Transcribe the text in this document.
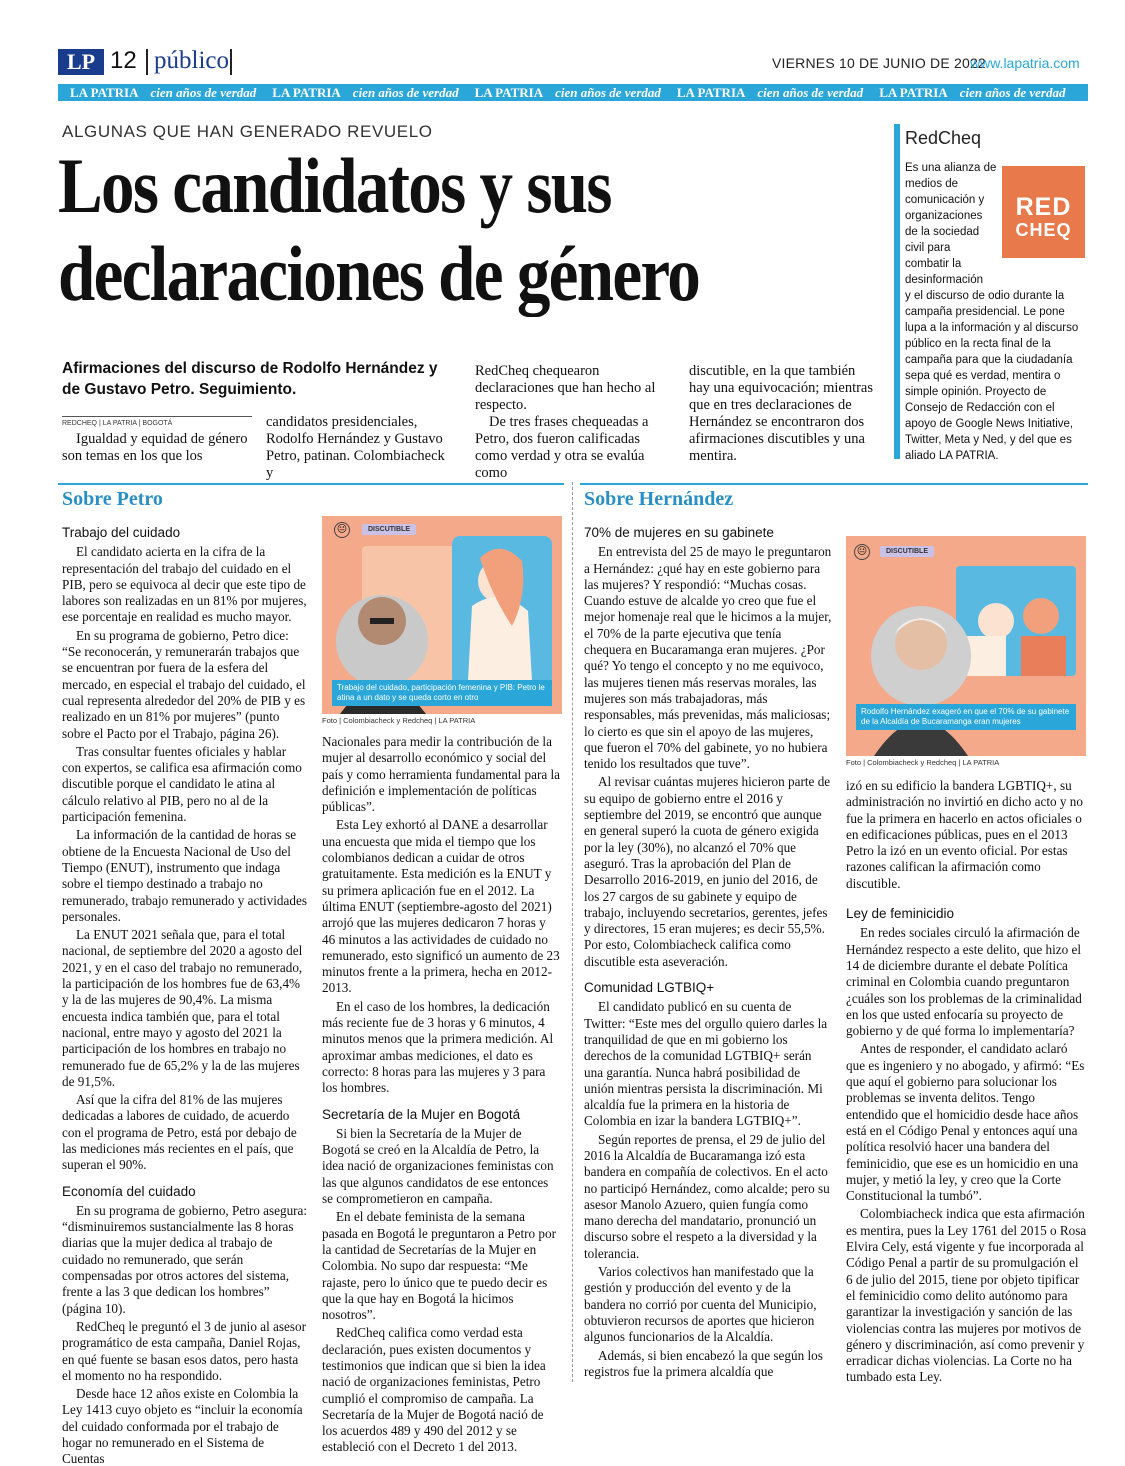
LP 12 público	VIERNES 10 DE JUNIO DE 2022
www.lapatria.com
LA PATRIA cien años de verdad LA PATRIA cien años de verdad LA PATRIA cien años de verdad LA PATRIA cien años de verdad LA PATRIA cien años de verdad
ALGUNAS QUE HAN GENERADO REVUELO
Los candidatos y sus declaraciones de género
Afirmaciones del discurso de Rodolfo Hernández y de Gustavo Petro. Seguimiento.
REDCHEQ | LA PATRIA | BOGOTÁ

Igualdad y equidad de género son temas en los que los

candidatos presidenciales, Rodolfo Hernández y Gustavo Petro, patinan. Colombiacheck y

RedCheq chequearon declaraciones que han hecho al respecto.

De tres frases chequeadas a Petro, dos fueron calificadas como verdad y otra se evalúa como

discutible, en la que también hay una equivocación; mientras que en tres declaraciones de Hernández se encontraron dos afirmaciones discutibles y una mentira.

RedCheq
Es una alianza de medios de comunicación y organizaciones de la sociedad civil para combatir la desinformación
y el discurso de odio durante la campaña presidencial. Le pone lupa a la información y al discurso público en la recta final de la campaña para que la ciudadanía sepa qué es verdad, mentira o simple opinión. Proyecto de Consejo de Redacción con el apoyo de Google News Initiative, Twitter, Meta y Ned, y del que es aliado LA PATRIA.
RED
CHEQ
Sobre Petro	Sobre Hernández
Trabajo del cuidado

El candidato acierta en la cifra de la representación del trabajo del cuidado en el PIB, pero se equivoca al decir que este tipo de labores son realizadas en un 81% por mujeres, ese porcentaje en realidad es mucho mayor.

En su programa de gobierno, Petro dice: “Se reconocerán, y remunerarán trabajos que se encuentran por fuera de la esfera del mercado, en especial el trabajo del cuidado, el cual representa alrededor del 20% de PIB y es realizado en un 81% por mujeres” (punto sobre el Pacto por el Trabajo, página 26).

Tras consultar fuentes oficiales y hablar con expertos, se califica esa afirmación como discutible porque el candidato le atina al cálculo relativo al PIB, pero no al de la participación femenina.

La información de la cantidad de horas se obtiene de la Encuesta Nacional de Uso del Tiempo (ENUT), instrumento que indaga sobre el tiempo destinado a trabajo no remunerado, trabajo remunerado y actividades personales.

La ENUT 2021 señala que, para el total nacional, de septiembre del 2020 a agosto del 2021, y en el caso del trabajo no remunerado, la participación de los hombres fue de 63,4% y la de las mujeres de 90,4%. La misma encuesta indica también que, para el total nacional, entre mayo y agosto del 2021 la participación de los hombres en trabajo no remunerado fue de 65,2% y la de las mujeres de 91,5%.

Así que la cifra del 81% de las mujeres dedicadas a labores de cuidado, de acuerdo con el programa de Petro, está por debajo de las mediciones más recientes en el país, que superan el 90%.

Economía del cuidado

En su programa de gobierno, Petro asegura: “disminuiremos sustancialmente las 8 horas diarias que la mujer dedica al trabajo de cuidado no remunerado, que serán compensadas por otros actores del sistema, frente a las 3 que dedican los hombres” (página 10).

RedCheq le preguntó el 3 de junio al asesor programático de esta campaña, Daniel Rojas, en qué fuente se basan esos datos, pero hasta el momento no ha respondido.

Desde hace 12 años existe en Colombia la Ley 1413 cuyo objeto es “incluir la economía del cuidado conformada por el trabajo de hogar no remunerado en el Sistema de Cuentas

DISCUTIBLE
😐
Trabajo del cuidado, participación femenina y PIB: Petro le atina a un dato y se queda corto en otro
Foto | Colombiacheck y Redcheq | LA PATRIA

Nacionales para medir la contribución de la mujer al desarrollo económico y social del país y como herramienta fundamental para la definición e implementación de políticas públicas”.

Esta Ley exhortó al DANE a desarrollar una encuesta que mida el tiempo que los colombianos dedican a cuidar de otros gratuitamente. Esta medición es la ENUT y su primera aplicación fue en el 2012. La última ENUT (septiembre-agosto del 2021) arrojó que las mujeres dedicaron 7 horas y 46 minutos a las actividades de cuidado no remunerado, esto significó un aumento de 23 minutos frente a la primera, hecha en 2012-2013.

En el caso de los hombres, la dedicación más reciente fue de 3 horas y 6 minutos, 4 minutos menos que la primera medición. Al aproximar ambas mediciones, el dato es correcto: 8 horas para las mujeres y 3 para los hombres.

Secretaría de la Mujer en Bogotá

Si bien la Secretaría de la Mujer de Bogotá se creó en la Alcaldía de Petro, la idea nació de organizaciones feministas con las que algunos candidatos de ese entonces se comprometieron en campaña.

En el debate feminista de la semana pasada en Bogotá le preguntaron a Petro por la cantidad de Secretarías de la Mujer en Colombia. No supo dar respuesta: “Me rajaste, pero lo único que te puedo decir es que la que hay en Bogotá la hicimos nosotros”.

RedCheq califica como verdad esta declaración, pues existen documentos y testimonios que indican que si bien la idea nació de organizaciones feministas, Petro cumplió el compromiso de campaña. La Secretaría de la Mujer de Bogotá nació de los acuerdos 489 y 490 del 2012 y se estableció con el Decreto 1 del 2013.

70% de mujeres en su gabinete

En entrevista del 25 de mayo le preguntaron a Hernández: ¿qué hay en este gobierno para las mujeres? Y respondió: “Muchas cosas. Cuando estuve de alcalde yo creo que fue el mejor homenaje real que le hicimos a la mujer, el 70% de la parte ejecutiva que tenía chequera en Bucaramanga eran mujeres. ¿Por qué? Yo tengo el concepto y no me equivoco, las mujeres tienen más reservas morales, las mujeres son más trabajadoras, más responsables, más prevenidas, más maliciosas; lo cierto es que sin el apoyo de las mujeres, que fueron el 70% del gabinete, yo no hubiera tenido los resultados que tuve”.

Al revisar cuántas mujeres hicieron parte de su equipo de gobierno entre el 2016 y septiembre del 2019, se encontró que aunque en general superó la cuota de género exigida por la ley (30%), no alcanzó el 70% que aseguró. Tras la aprobación del Plan de Desarrollo 2016-2019, en junio del 2016, de los 27 cargos de su gabinete y equipo de trabajo, incluyendo secretarios, gerentes, jefes y directores, 15 eran mujeres; es decir 55,5%. Por esto, Colombiacheck califica como discutible esta aseveración.

Comunidad LGTBIQ+

El candidato publicó en su cuenta de Twitter: “Este mes del orgullo quiero darles la tranquilidad de que en mi gobierno los derechos de la comunidad LGTBIQ+ serán una garantía. Nunca habrá posibilidad de unión mientras persista la discriminación. Mi alcaldía fue la primera en la historia de Colombia en izar la bandera LGTBIQ+”.

Según reportes de prensa, el 29 de julio del 2016 la Alcaldía de Bucaramanga izó esta bandera en compañía de colectivos. En el acto no participó Hernández, como alcalde; pero su asesor Manolo Azuero, quien fungía como mano derecha del mandatario, pronunció un discurso sobre el respeto a la diversidad y la tolerancia.

Varios colectivos han manifestado que la gestión y producción del evento y de la bandera no corrió por cuenta del Municipio, obtuvieron recursos de aportes que hicieron algunos funcionarios de la Alcaldía.

Además, si bien encabezó la que según los registros fue la primera alcaldía que

DISCUTIBLE
😐
Rodolfo Hernández exageró en que el 70% de su gabinete de la Alcaldía de Bucaramanga eran mujeres
Foto | Colombiacheck y Redcheq | LA PATRIA

izó en su edificio la bandera LGBTIQ+, su administración no invirtió en dicho acto y no fue la primera en hacerlo en actos oficiales o en edificaciones públicas, pues en el 2013 Petro la izó en un evento oficial. Por estas razones califican la afirmación como discutible.

Ley de feminicidio

En redes sociales circuló la afirmación de Hernández respecto a este delito, que hizo el 14 de diciembre durante el debate Política criminal en Colombia cuando preguntaron ¿cuáles son los problemas de la criminalidad en los que usted enfocaría su proyecto de gobierno y de qué forma lo implementaría?

Antes de responder, el candidato aclaró que es ingeniero y no abogado, y afirmó: “Es que aquí el gobierno para solucionar los problemas se inventa delitos. Tengo entendido que el homicidio desde hace años está en el Código Penal y entonces aquí una política resolvió hacer una bandera del feminicidio, que ese es un homicidio en una mujer, y metió la ley, y creo que la Corte Constitucional la tumbó”.

Colombiacheck indica que esta afirmación es mentira, pues la Ley 1761 del 2015 o Rosa Elvira Cely, está vigente y fue incorporada al Código Penal a partir de su promulgación el 6 de julio del 2015, tiene por objeto tipificar el feminicidio como delito autónomo para garantizar la investigación y sanción de las violencias contra las mujeres por motivos de género y discriminación, así como prevenir y erradicar dichas violencias. La Corte no ha tumbado esta Ley.
